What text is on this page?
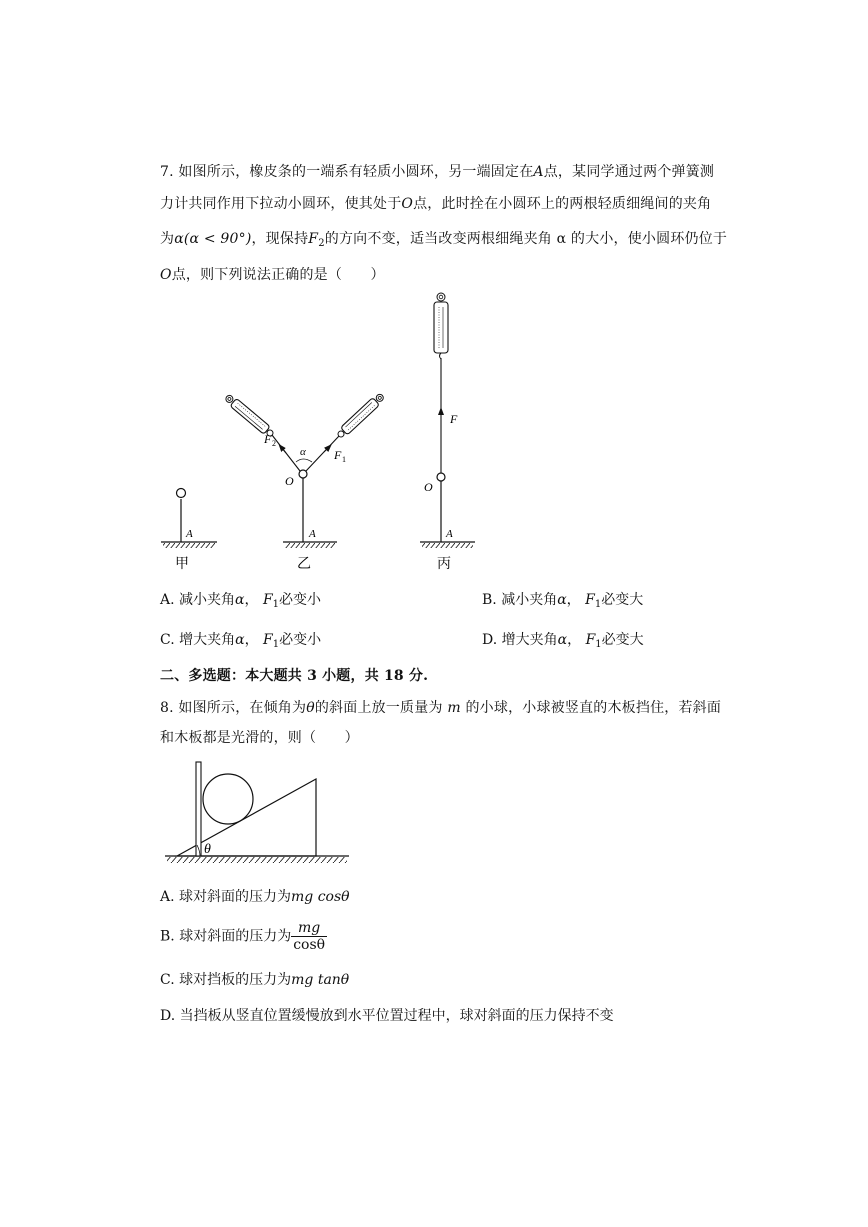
7. 如图所示，橡皮条的一端系有轻质小圆环，另一端固定在A点，某同学通过两个弹簧测
力计共同作用下拉动小圆环，使其处于O点，此时拴在小圆环上的两根轻质细绳间的夹角
为α(α < 90°)，现保持$F_2$的方向不变，适当改变两根细绳夹角 α 的大小，使小圆环仍位于
O点，则下列说法正确的是（　　）
A
甲
α
F 2
F 1
O
A
乙
F
O
A
丙
A. 减小夹角α， $F_1$必变小	B. 减小夹角α， $F_1$必变大
C. 增大夹角α， $F_1$必变小	D. 增大夹角α， $F_1$必变大
二、多选题：本大题共 3 小题，共 18 分.
8. 如图所示，在倾角为θ的斜面上放一质量为 m 的小球，小球被竖直的木板挡住，若斜面
和木板都是光滑的，则（　　）
θ
A. 球对斜面的压力为mg cosθ
B. 球对斜面的压力为 $\frac{mg}{\cos\theta}$
C. 球对挡板的压力为mg tanθ
D. 当挡板从竖直位置缓慢放到水平位置过程中，球对斜面的压力保持不变
